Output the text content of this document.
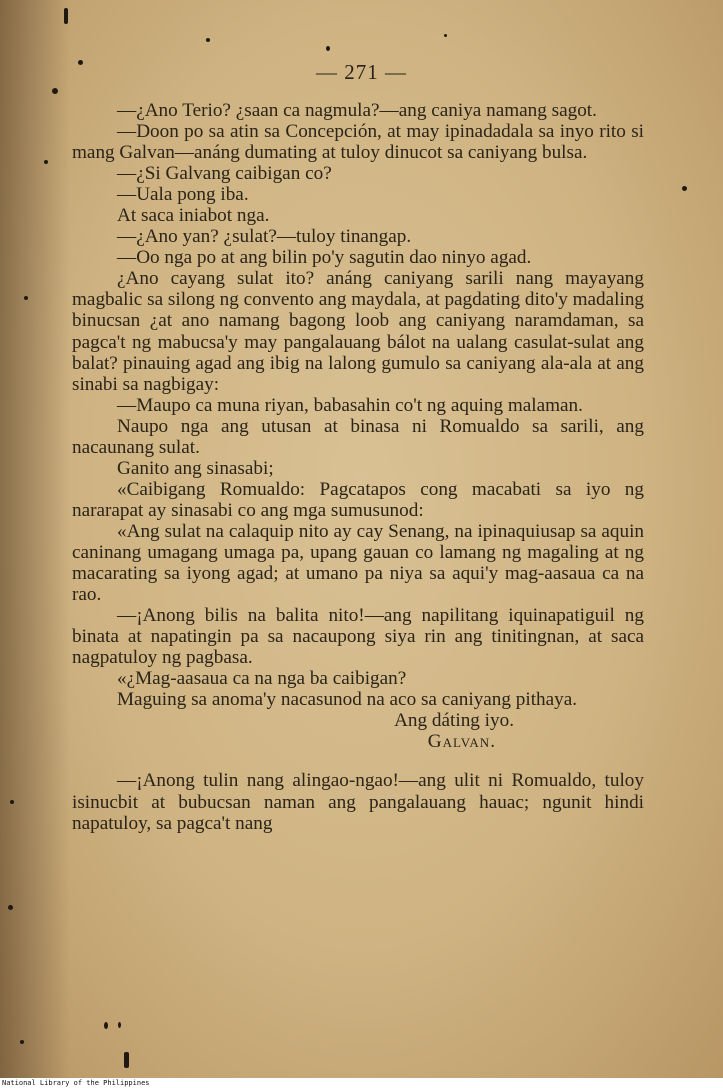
— 271 —

—¿Ano Terio? ¿saan ca nagmula?—ang caniya namang sagot.

—Doon po sa atin sa Concepción, at may ipinadadala sa inyo rito si mang Galvan—anáng dumating at tuloy dinucot sa caniyang bulsa.

—¿Si Galvang caibigan co?

—Uala pong iba.

At saca iniabot nga.

—¿Ano yan? ¿sulat?—tuloy tinangap.

—Oo nga po at ang bilin po'y sagutin dao ninyo agad.

¿Ano cayang sulat ito? anáng caniyang sarili nang mayayang magbalic sa silong ng convento ang maydala, at pagdating dito'y madaling binucsan ¿at ano namang bagong loob ang caniyang naramdaman, sa pagca't ng mabucsa'y may pangalauang bálot na ualang casulat-sulat ang balat? pinauing agad ang ibig na lalong gumulo sa caniyang ala-ala at ang sinabi sa nagbigay:

—Maupo ca muna riyan, babasahin co't ng aquing malaman.

Naupo nga ang utusan at binasa ni Romualdo sa sarili, ang nacaunang sulat.

Ganito ang sinasabi;

«Caibigang Romualdo: Pagcatapos cong macabati sa iyo ng nararapat ay sinasabi co ang mga sumusunod:

«Ang sulat na calaquip nito ay cay Senang, na ipinaquiusap sa aquin caninang umagang umaga pa, upang gauan co lamang ng magaling at ng macarating sa iyong agad; at umano pa niya sa aqui'y mag-aasaua ca na rao.

—¡Anong bilis na balita nito!—ang napilitang iquinapatiguil ng binata at napatingin pa sa nacaupong siya rin ang tinitingnan, at saca nagpatuloy ng pagbasa.

«¿Mag-aasaua ca na nga ba caibigan?

Maguing sa anoma'y nacasunod na aco sa caniyang pithaya.

Ang dáting iyo.

Galvan.

—¡Anong tulin nang alingao-ngao!—ang ulit ni Romualdo, tuloy isinucbit at bubucsan naman ang pangalauang hauac; ngunit hindi napatuloy, sa pagca't nang

National Library of the Philippines
